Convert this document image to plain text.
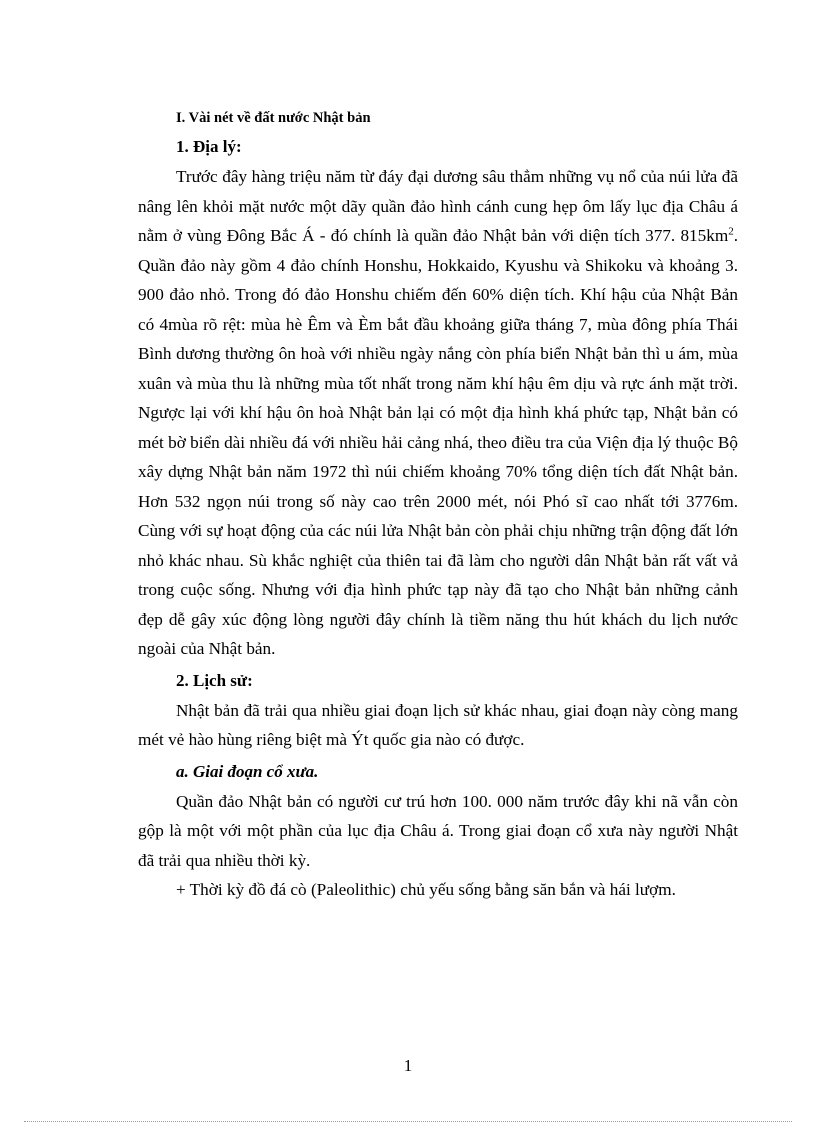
I. Vài nét về đất nước Nhật bản
1. Địa lý:

Trước đây hàng triệu năm từ đáy đại dương sâu thẳm những vụ nổ của núi lửa đã nâng lên khỏi mặt nước một dãy quần đảo hình cánh cung hẹp ôm lấy lục địa Châu á nằm ở vùng Đông Bắc Á - đó chính là quần đảo Nhật bản với diện tích 377. $815km^2$. Quần đảo này gồm 4 đảo chính Honshu, Hokkaido, Kyushu và Shikoku và khoảng 3. 900 đảo nhỏ. Trong đó đảo Honshu chiếm đến 60% diện tích. Khí hậu của Nhật Bản có 4mùa rõ rệt: mùa hè Êm và Èm bắt đầu khoảng giữa tháng 7, mùa đông phía Thái Bình dương thường ôn hoà với nhiều ngày nắng còn phía biển Nhật bản thì u ám, mùa xuân và mùa thu là những mùa tốt nhất trong năm khí hậu êm dịu và rực ánh mặt trời. Ngược lại với khí hậu ôn hoà Nhật bản lại có một địa hình khá phức tạp, Nhật bản có mét bờ biển dài nhiều đá với nhiều hải cảng nhá, theo điều tra của Viện địa lý thuộc Bộ xây dựng Nhật bản năm 1972 thì núi chiếm khoảng 70% tổng diện tích đất Nhật bản. Hơn 532 ngọn núi trong số này cao trên 2000 mét, nói Phó sĩ cao nhất tới 3776m. Cùng với sự hoạt động của các núi lửa Nhật bản còn phải chịu những trận động đất lớn nhỏ khác nhau. Sù khắc nghiệt của thiên tai đã làm cho người dân Nhật bản rất vất vả trong cuộc sống. Nhưng với địa hình phức tạp này đã tạo cho Nhật bản những cảnh đẹp dễ gây xúc động lòng người đây chính là tiềm năng thu hút khách du lịch nước ngoài của Nhật bản.

2. Lịch sử:

Nhật bản đã trải qua nhiều giai đoạn lịch sử khác nhau, giai đoạn này còng mang mét vẻ hào hùng riêng biệt mà Ýt quốc gia nào có được.

a. Giai đoạn cổ xưa.

Quần đảo Nhật bản có người cư trú hơn 100. 000 năm trước đây khi nã vẫn còn gộp là một với một phần của lục địa Châu á. Trong giai đoạn cổ xưa này người Nhật đã trải qua nhiều thời kỳ.

+ Thời kỳ đồ đá cò (Paleolithic) chủ yếu sống bằng săn bắn và hái lượm.

1
